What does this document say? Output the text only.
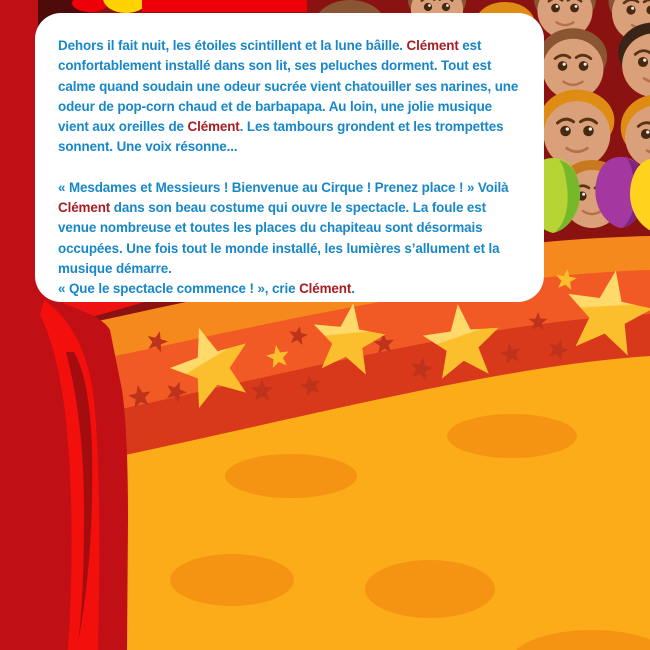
Dehors il fait nuit, les étoiles scintillent et la lune bâille. Clément est confortablement installé dans son lit, ses peluches dorment. Tout est calme quand soudain une odeur sucrée vient chatouiller ses narines, une odeur de pop-corn chaud et de barbapapa. Au loin, une jolie musique vient aux oreilles de Clément. Les tambours grondent et les trompettes sonnent. Une voix résonne...

« Mesdames et Messieurs ! Bienvenue au Cirque ! Prenez place ! » Voilà Clément dans son beau costume qui ouvre le spectacle. La foule est venue nombreuse et toutes les places du chapiteau sont désormais occupées. Une fois tout le monde installé, les lumières s’allument et la musique démarre.

« Que le spectacle commence ! », crie Clément.
